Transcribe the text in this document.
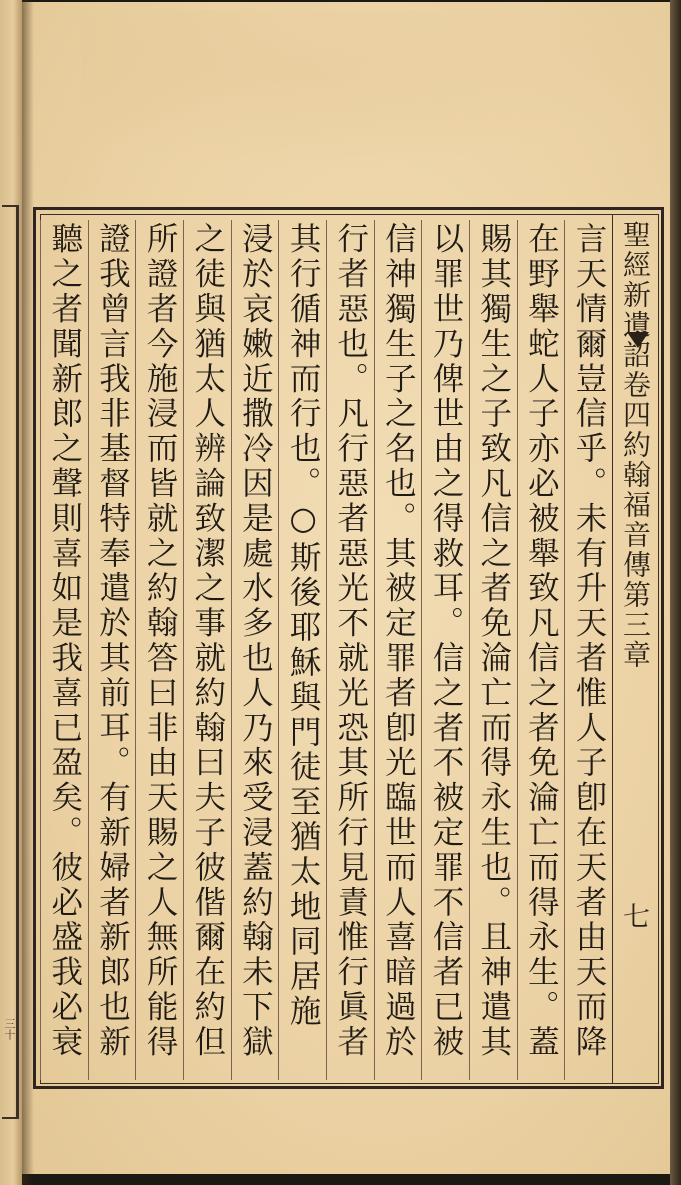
三十
聖經新遺詔卷四約翰福音傳第三章
七
言天情爾豈信乎。未有升天者惟人子卽在天者由天而降
在野舉蛇人子亦必被舉致凡信之者免淪亡而得永生。蓋
賜其獨生之子致凡信之者免淪亡而得永生也。且神遣其
以罪世乃俾世由之得救耳。信之者不被定罪不信者已被
信神獨生子之名也。其被定罪者卽光臨世而人喜暗過於
行者惡也。凡行惡者惡光不就光恐其所行見責惟行眞者
其行循神而行也。○斯後耶穌與門徒至猶太地同居施
浸於哀嫩近撒冷因是處水多也人乃來受浸蓋約翰未下獄
之徒與猶太人辨論致潔之事就約翰曰夫子彼偕爾在約但
所證者今施浸而皆就之約翰答曰非由天賜之人無所能得
證我曾言我非基督特奉遣於其前耳。有新婦者新郎也新
聽之者聞新郎之聲則喜如是我喜已盈矣。彼必盛我必衰
